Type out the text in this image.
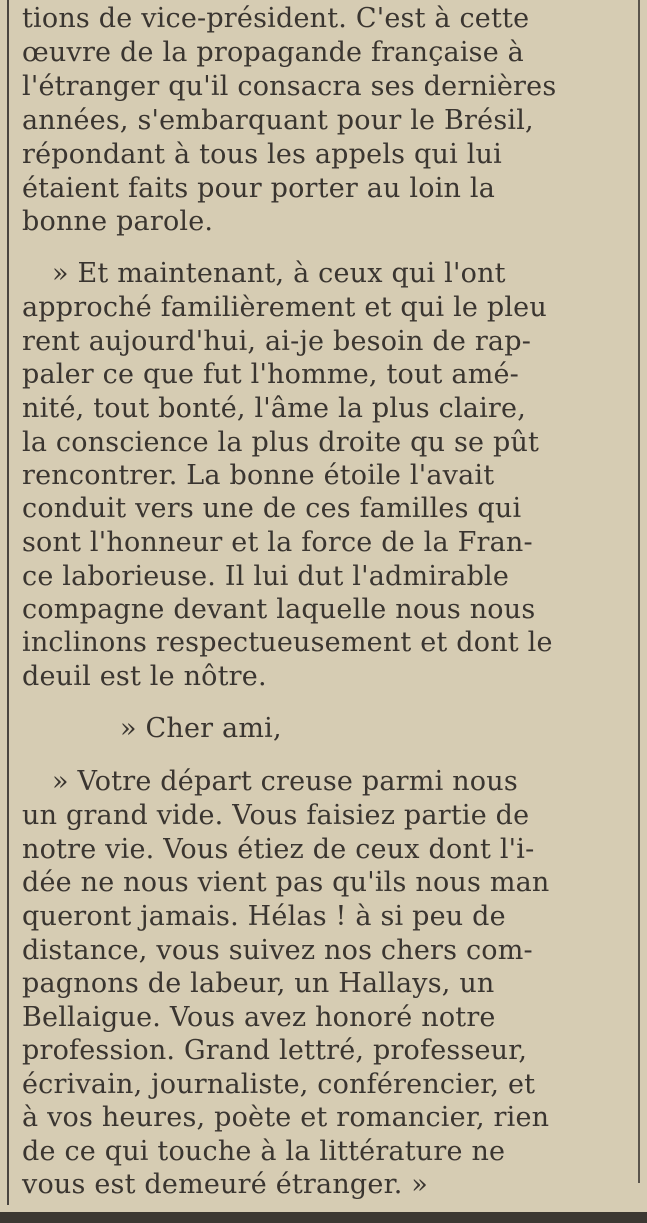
tions de vice-président. C'est à cette
œuvre de la propagande française à
l'étranger qu'il consacra ses dernières
années, s'embarquant pour le Brésil,
répondant à tous les appels qui lui
étaient faits pour porter au loin la
bonne parole.
» Et maintenant, à ceux qui l'ont
approché familièrement et qui le pleu
rent aujourd'hui, ai-je besoin de rap-
paler ce que fut l'homme, tout amé-
nité, tout bonté, l'âme la plus claire,
la conscience la plus droite qu se pût
rencontrer. La bonne étoile l'avait
conduit vers une de ces familles qui
sont l'honneur et la force de la Fran-
ce laborieuse. Il lui dut l'admirable
compagne devant laquelle nous nous
inclinons respectueusement et dont le
deuil est le nôtre.
» Cher ami,
» Votre départ creuse parmi nous
un grand vide. Vous faisiez partie de
notre vie. Vous étiez de ceux dont l'i-
dée ne nous vient pas qu'ils nous man
queront jamais. Hélas ! à si peu de
distance, vous suivez nos chers com-
pagnons de labeur, un Hallays, un
Bellaigue. Vous avez honoré notre
profession. Grand lettré, professeur,
écrivain, journaliste, conférencier, et
à vos heures, poète et romancier, rien
de ce qui touche à la littérature ne
vous est demeuré étranger. »
